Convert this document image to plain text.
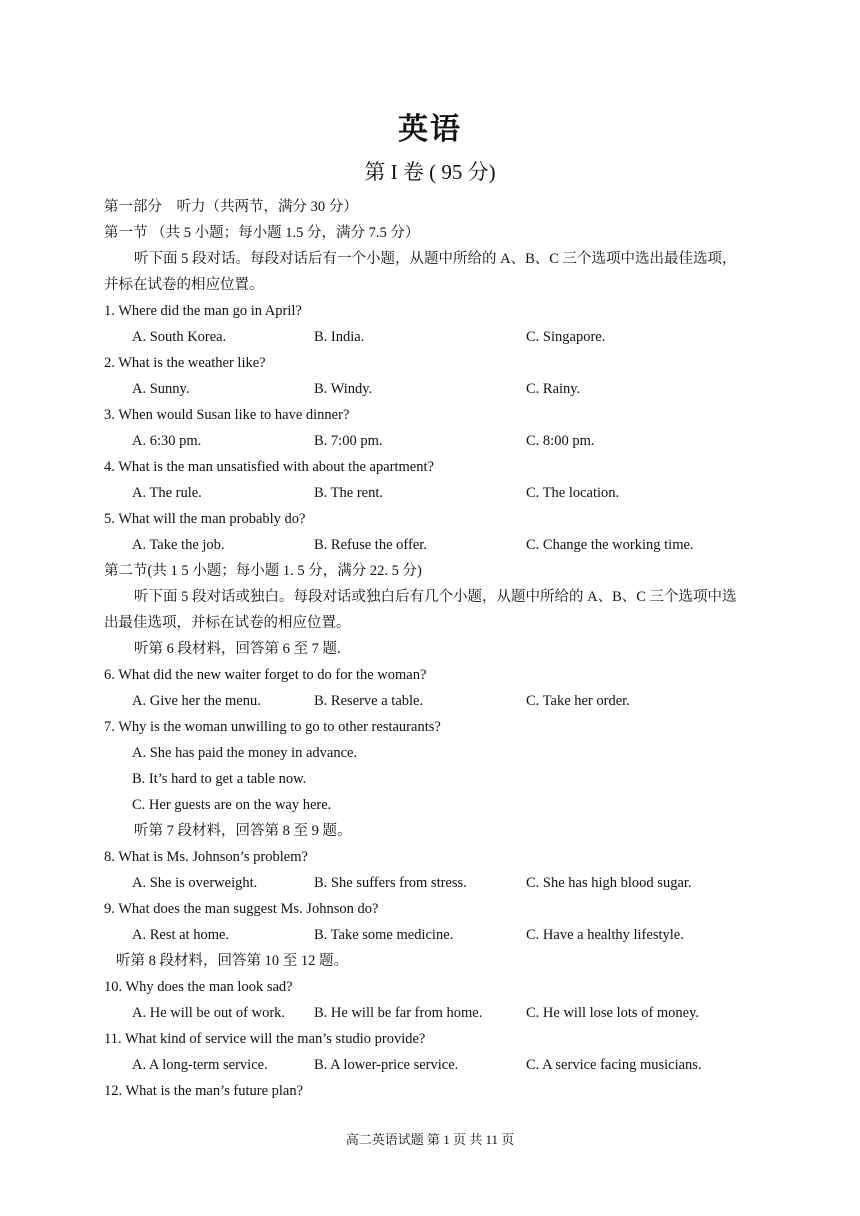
英语
第 I 卷 ( 95 分)
第一部分　听力（共两节，满分 30 分）
第一节 （共 5 小题；每小题 1.5 分，满分 7.5 分）
听下面 5 段对话。每段对话后有一个小题，从题中所给的 A、B、C 三个选项中选出最佳选项，
并标在试卷的相应位置。
1. Where did the man go in April?
A. South Korea.	B. India.	C. Singapore.
2. What is the weather like?
A. Sunny.	B. Windy.	C. Rainy.
3. When would Susan like to have dinner?
A. 6:30 pm.	B. 7:00 pm.	C. 8:00 pm.
4. What is the man unsatisfied with about the apartment?
A. The rule.	B. The rent.	C. The location.
5. What will the man probably do?
A. Take the job.	B. Refuse the offer.	C. Change the working time.
第二节(共 1 5 小题；每小题 1. 5 分，满分 22. 5 分)
听下面 5 段对话或独白。每段对话或独白后有几个小题，从题中所给的 A、B、C 三个选项中选
出最佳选项，并标在试卷的相应位置。
听第 6 段材料，回答第 6 至 7 题.
6. What did the new waiter forget to do for the woman?
A. Give her the menu.	B. Reserve a table.	C. Take her order.
7. Why is the woman unwilling to go to other restaurants?
A. She has paid the money in advance.
B. It’s hard to get a table now.
C. Her guests are on the way here.
听第 7 段材料，回答第 8 至 9 题。
8. What is Ms. Johnson’s problem?
A. She is overweight.	B. She suffers from stress.	C. She has high blood sugar.
9. What does the man suggest Ms. Johnson do?
A. Rest at home.	B. Take some medicine.	C. Have a healthy lifestyle.
听第 8 段材料，回答第 10 至 12 题。
10. Why does the man look sad?
A. He will be out of work. B. He will be far from home.	C. He will lose lots of money.
11. What kind of service will the man’s studio provide?
A. A long-term service.	B. A lower-price service.	C. A service facing musicians.
12. What is the man’s future plan?
高二英语试题 第 1 页 共 11 页
